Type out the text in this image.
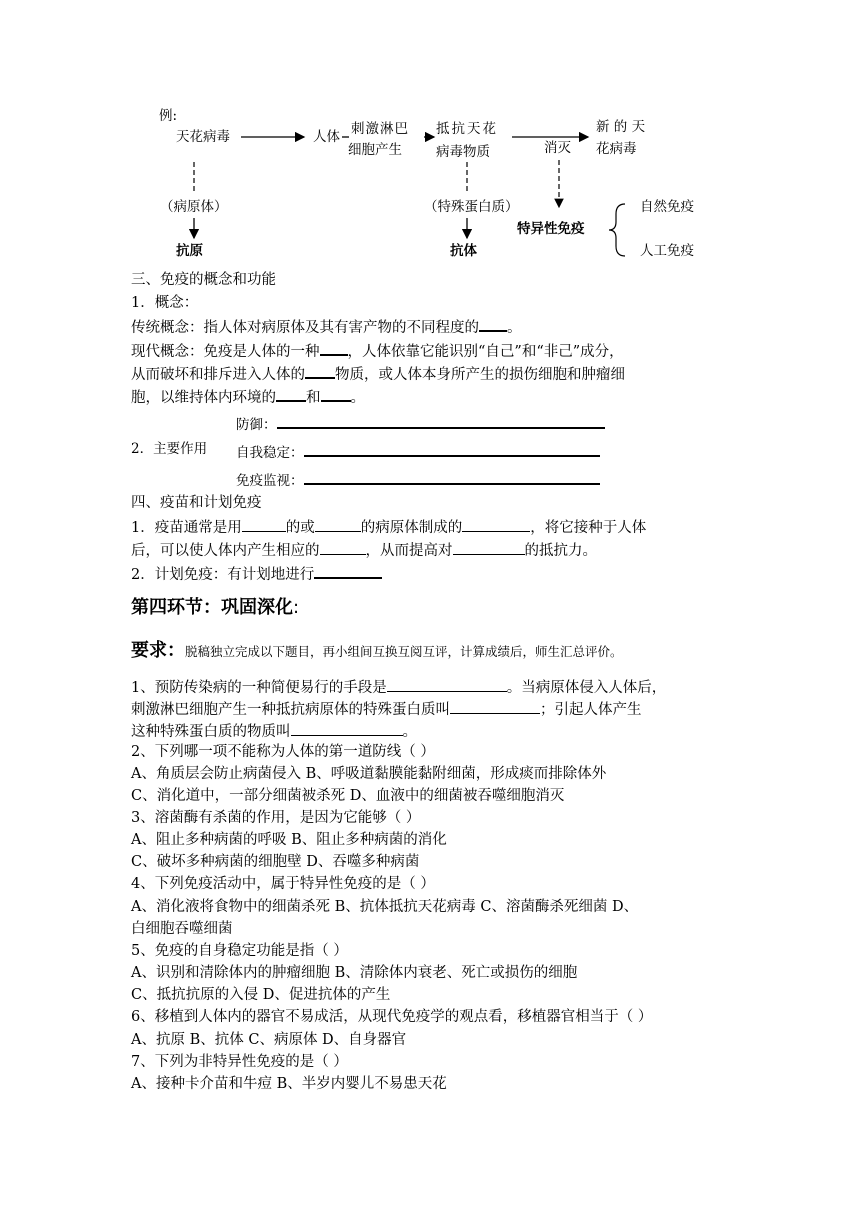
例:
天花病毒	人体 刺激淋巴
细胞产生
抵抗天花
病毒物质	消灭
新 的 天
花病毒
（病原体）	（特殊蛋白质）
抗原	抗体
特异性免疫
自然免疫
人工免疫
三、免疫的概念和功能
1．概念：
传统概念：指人体对病原体及其有害产物的不同程度的 。
现代概念：免疫是人体的一种 ，人体依靠它能识别“自己”和“非己”成分，
从而破坏和排斥进入人体的 物质，或人体本身所产生的损伤细胞和肿瘤细
胞，以维持体内环境的 和 。
2．主要作用
防御：
自我稳定：
免疫监视：
四、疫苗和计划免疫
1．疫苗通常是用	的或	的病原体制成的	，将它接种于人体
后，可以使人体内产生相应的	，从而提高对	的抵抗力。
2．计划免疫：有计划地进行
第四环节：巩固深化:
要求：脱稿独立完成以下题目，再小组间互换互阅互评，计算成绩后，师生汇总评价。
1、预防传染病的一种简便易行的手段是	。当病原体侵入人体后，
刺激淋巴细胞产生一种抵抗病原体的特殊蛋白质叫	；引起人体产生
这种特殊蛋白质的物质叫	。
2、下列哪一项不能称为人体的第一道防线（ ）
A、角质层会防止病菌侵入 B、呼吸道黏膜能黏附细菌，形成痰而排除体外
C、消化道中，一部分细菌被杀死 D、血液中的细菌被吞噬细胞消灭
3、溶菌酶有杀菌的作用，是因为它能够（ ）
A、阻止多种病菌的呼吸 B、阻止多种病菌的消化
C、破坏多种病菌的细胞壁 D、吞噬多种病菌
4、下列免疫活动中，属于特异性免疫的是（ ）
A、消化液将食物中的细菌杀死 B、抗体抵抗天花病毒 C、溶菌酶杀死细菌 D、
白细胞吞噬细菌
5、免疫的自身稳定功能是指（ ）
A、识别和清除体内的肿瘤细胞 B、清除体内衰老、死亡或损伤的细胞
C、抵抗抗原的入侵 D、促进抗体的产生
6、移植到人体内的器官不易成活，从现代免疫学的观点看，移植器官相当于（ ）
A、抗原 B、抗体 C、病原体 D、自身器官
7、下列为非特异性免疫的是（ ）
A、接种卡介苗和牛痘 B、半岁内婴儿不易患天花
